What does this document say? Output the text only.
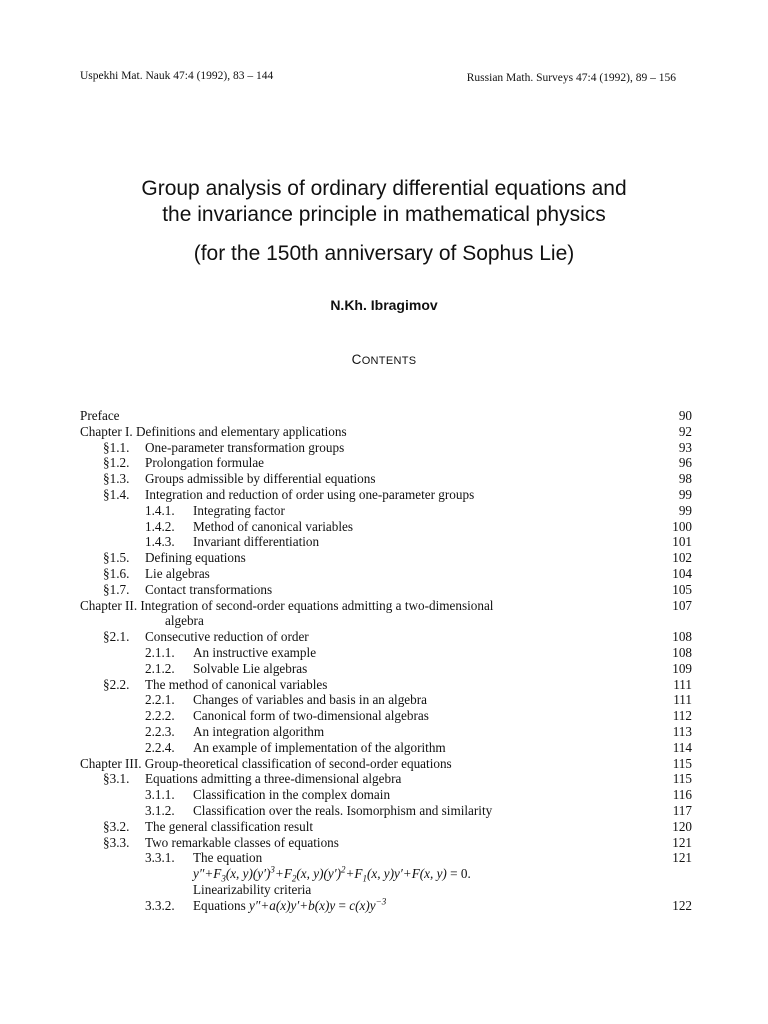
Uspekhi Mat. Nauk 47:4 (1992), 83 – 144	Russian Math. Surveys 47:4 (1992), 89 – 156
Group analysis of ordinary differential equations and
the invariance principle in mathematical physics
(for the 150th anniversary of Sophus Lie)
N.Kh. Ibragimov
CONTENTS
Preface	90
Chapter I. Definitions and elementary applications	92
§1.1. One-parameter transformation groups	93
§1.2. Prolongation formulae	96
§1.3. Groups admissible by differential equations	98
§1.4. Integration and reduction of order using one-parameter groups	99
1.4.1. Integrating factor	99
1.4.2. Method of canonical variables	100
1.4.3. Invariant differentiation	101
§1.5. Defining equations	102
§1.6. Lie algebras	104
§1.7. Contact transformations	105
Chapter II. Integration of second-order equations admitting a two-dimensional	107
algebra
§2.1. Consecutive reduction of order	108
2.1.1. An instructive example	108
2.1.2. Solvable Lie algebras	109
§2.2. The method of canonical variables	111
2.2.1. Changes of variables and basis in an algebra	111
2.2.2. Canonical form of two-dimensional algebras	112
2.2.3. An integration algorithm	113
2.2.4. An example of implementation of the algorithm	114
Chapter III. Group-theoretical classification of second-order equations	115
§3.1. Equations admitting a three-dimensional algebra	115
3.1.1. Classification in the complex domain	116
3.1.2. Classification over the reals. Isomorphism and similarity	117
§3.2. The general classification result	120
§3.3. Two remarkable classes of equations	121
3.3.1. The equation	121
$y''+F_3(x$, $y)(y')^3+F_2(x$, $y)(y')^2+F_1(x$, y)y′+F(x, y) = 0.
Linearizability criteria
3.3.2. Equations $y''+a(x)y'+b(x)y = c(x)y^{-3}$	122
